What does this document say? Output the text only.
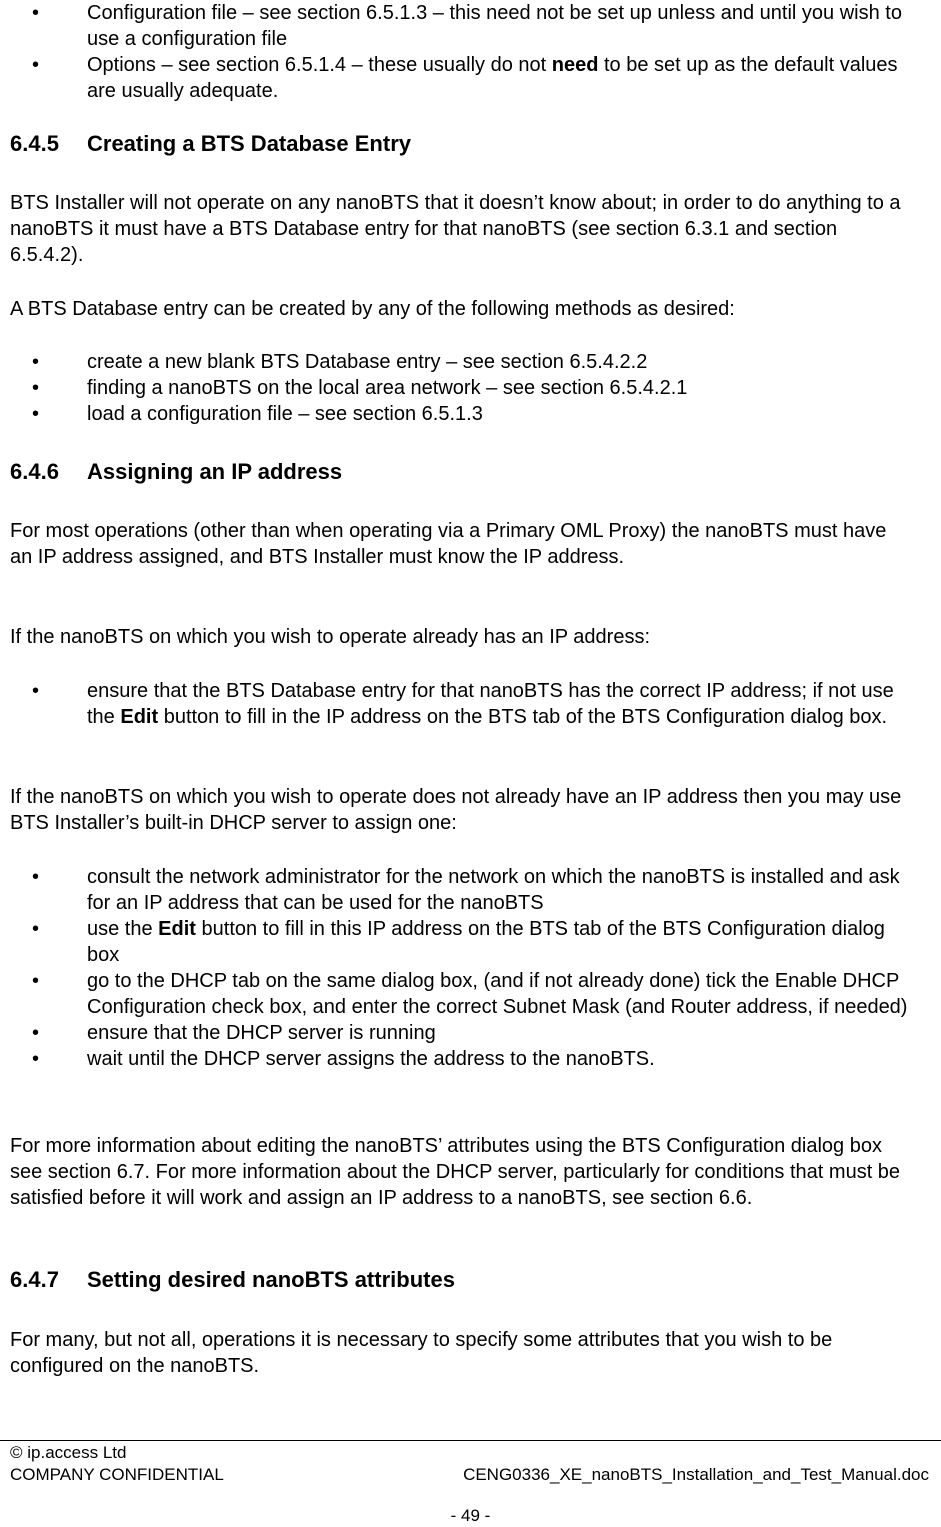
• Configuration file – see section 6.5.1.3 – this need not be set up unless and until you wish to use a configuration file
• Options – see section 6.5.1.4 – these usually do not need to be set up as the default values are usually adequate.
6.4.5 Creating a BTS Database Entry

BTS Installer will not operate on any nanoBTS that it doesn’t know about; in order to do anything to a nanoBTS it must have a BTS Database entry for that nanoBTS (see section 6.3.1 and section 6.5.4.2).

A BTS Database entry can be created by any of the following methods as desired:

• create a new blank BTS Database entry – see section 6.5.4.2.2
• finding a nanoBTS on the local area network – see section 6.5.4.2.1
• load a configuration file – see section 6.5.1.3
6.4.6 Assigning an IP address

For most operations (other than when operating via a Primary OML Proxy) the nanoBTS must have an IP address assigned, and BTS Installer must know the IP address.

If the nanoBTS on which you wish to operate already has an IP address:

• ensure that the BTS Database entry for that nanoBTS has the correct IP address; if not use the Edit button to fill in the IP address on the BTS tab of the BTS Configuration dialog box.

If the nanoBTS on which you wish to operate does not already have an IP address then you may use BTS Installer’s built-in DHCP server to assign one:

• consult the network administrator for the network on which the nanoBTS is installed and ask for an IP address that can be used for the nanoBTS
• use the Edit button to fill in this IP address on the BTS tab of the BTS Configuration dialog box
• go to the DHCP tab on the same dialog box, (and if not already done) tick the Enable DHCP Configuration check box, and enter the correct Subnet Mask (and Router address, if needed)
• ensure that the DHCP server is running
• wait until the DHCP server assigns the address to the nanoBTS.

For more information about editing the nanoBTS’ attributes using the BTS Configuration dialog box see section 6.7. For more information about the DHCP server, particularly for conditions that must be satisfied before it will work and assign an IP address to a nanoBTS, see section 6.6.

6.4.7 Setting desired nanoBTS attributes

For many, but not all, operations it is necessary to specify some attributes that you wish to be configured on the nanoBTS.

© ip.access Ltd
COMPANY CONFIDENTIAL	CENG0336_XE_nanoBTS_Installation_and_Test_Manual.doc
- 49 -
